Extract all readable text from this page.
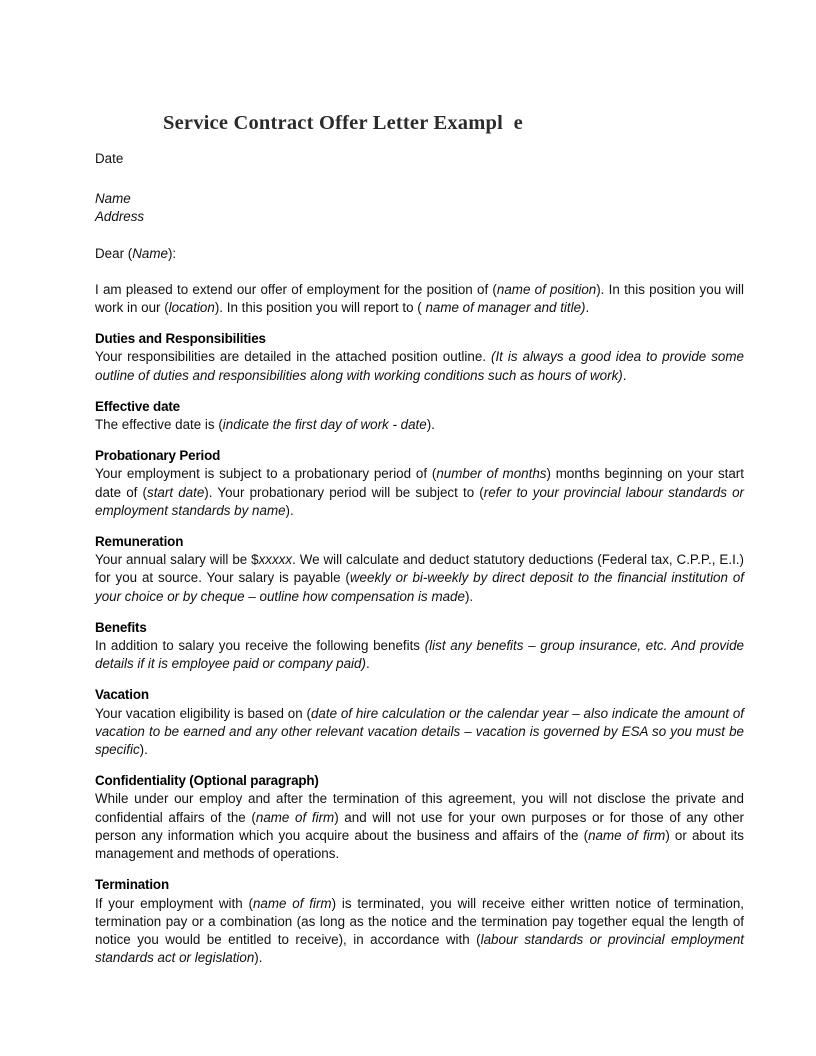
Service Contract Offer Letter Exampl  e
Date
Name
Address
Dear (Name):

I am pleased to extend our offer of employment for the position of (name of position). In this position you will work in our (location). In this position you will report to ( name of manager and title).

Duties and Responsibilities

Your responsibilities are detailed in the attached position outline. (It is always a good idea to provide some outline of duties and responsibilities along with working conditions such as hours of work).

Effective date

The effective date is (indicate the first day of work - date).

Probationary Period

Your employment is subject to a probationary period of (number of months) months beginning on your start date of (start date). Your probationary period will be subject to (refer to your provincial labour standards or employment standards by name).

Remuneration

Your annual salary will be $xxxxx. We will calculate and deduct statutory deductions (Federal tax, C.P.P., E.I.) for you at source. Your salary is payable (weekly or bi-weekly by direct deposit to the financial institution of your choice or by cheque – outline how compensation is made).

Benefits

In addition to salary you receive the following benefits (list any benefits – group insurance, etc. And provide details if it is employee paid or company paid).

Vacation

Your vacation eligibility is based on (date of hire calculation or the calendar year – also indicate the amount of vacation to be earned and any other relevant vacation details – vacation is governed by ESA so you must be specific).

Confidentiality (Optional paragraph)

While under our employ and after the termination of this agreement, you will not disclose the private and confidential affairs of the (name of firm) and will not use for your own purposes or for those of any other person any information which you acquire about the business and affairs of the (name of firm) or about its management and methods of operations.

Termination

If your employment with (name of firm) is terminated, you will receive either written notice of termination, termination pay or a combination (as long as the notice and the termination pay together equal the length of notice you would be entitled to receive), in accordance with (labour standards or provincial employment standards act or legislation).
